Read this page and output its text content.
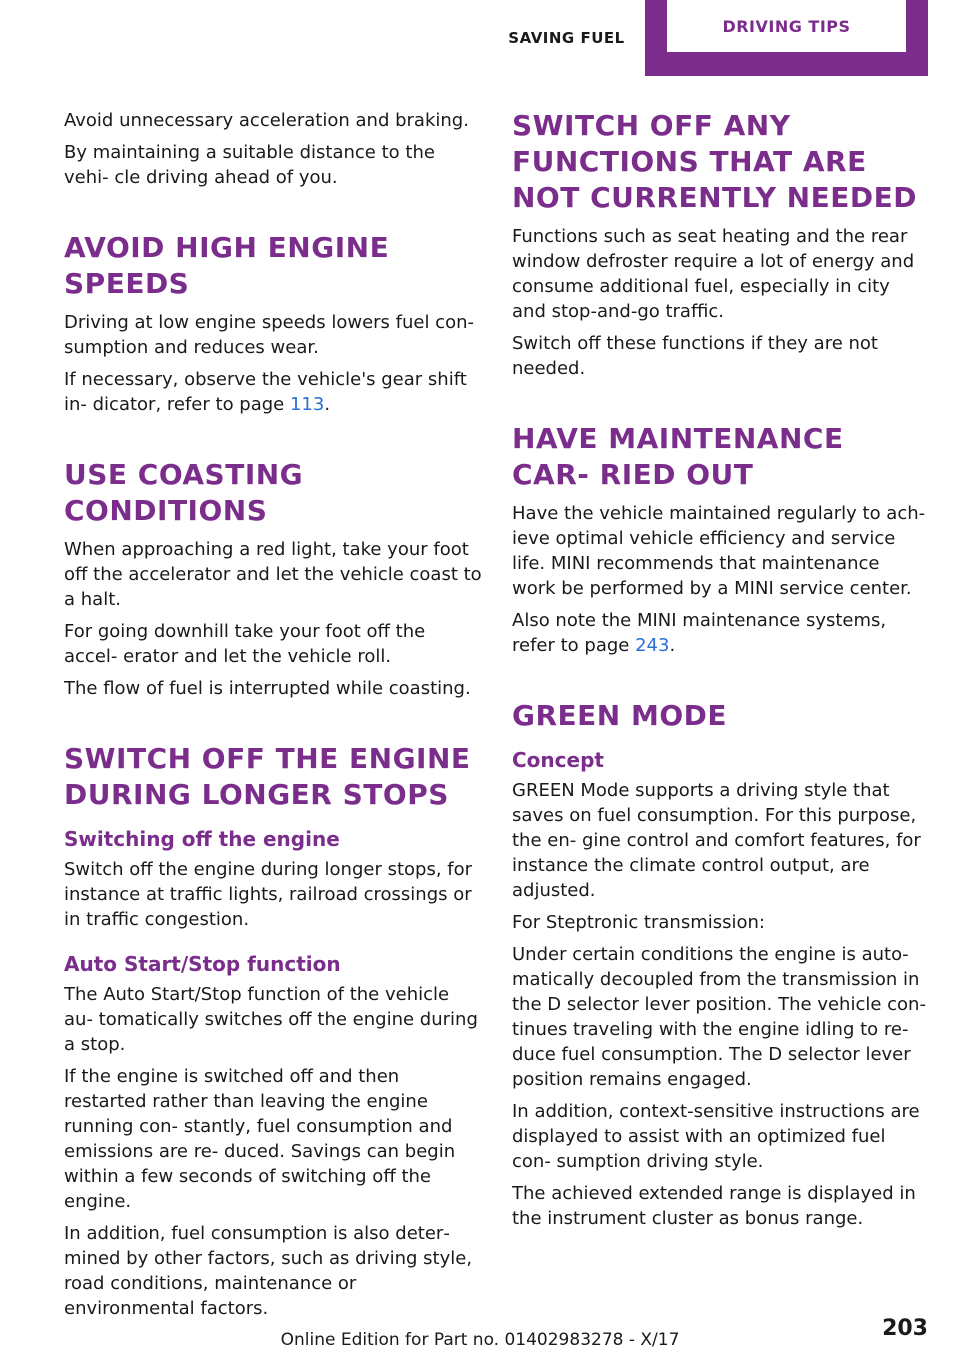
SAVING FUEL
DRIVING TIPS

Avoid unnecessary acceleration and braking.

By maintaining a suitable distance to the vehi‐ cle driving ahead of you.

AVOID HIGH ENGINE SPEEDS

Driving at low engine speeds lowers fuel con‐ sumption and reduces wear.

If necessary, observe the vehicle's gear shift in‐ dicator, refer to page 113.

USE COASTING CONDITIONS

When approaching a red light, take your foot off the accelerator and let the vehicle coast to a halt.

For going downhill take your foot off the accel‐ erator and let the vehicle roll.

The flow of fuel is interrupted while coasting.

SWITCH OFF THE ENGINE DURING LONGER STOPS
Switching off the engine

Switch off the engine during longer stops, for instance at traffic lights, railroad crossings or in traffic congestion.

Auto Start/Stop function

The Auto Start/Stop function of the vehicle au‐ tomatically switches off the engine during a stop.

If the engine is switched off and then restarted rather than leaving the engine running con‐ stantly, fuel consumption and emissions are re‐ duced. Savings can begin within a few seconds of switching off the engine.

In addition, fuel consumption is also deter‐ mined by other factors, such as driving style, road conditions, maintenance or environmental factors.

SWITCH OFF ANY FUNCTIONS THAT ARE NOT CURRENTLY NEEDED

Functions such as seat heating and the rear window defroster require a lot of energy and consume additional fuel, especially in city and stop-and-go traffic.

Switch off these functions if they are not needed.

HAVE MAINTENANCE CAR‐ RIED OUT

Have the vehicle maintained regularly to ach‐ ieve optimal vehicle efficiency and service life. MINI recommends that maintenance work be performed by a MINI service center.

Also note the MINI maintenance systems, refer to page 243.

GREEN MODE
Concept

GREEN Mode supports a driving style that saves on fuel consumption. For this purpose, the en‐ gine control and comfort features, for instance the climate control output, are adjusted.

For Steptronic transmission:

Under certain conditions the engine is auto‐ matically decoupled from the transmission in the D selector lever position. The vehicle con‐ tinues traveling with the engine idling to re‐ duce fuel consumption. The D selector lever position remains engaged.

In addition, context-sensitive instructions are displayed to assist with an optimized fuel con‐ sumption driving style.

The achieved extended range is displayed in the instrument cluster as bonus range.

203
Online Edition for Part no. 01402983278 - X/17
